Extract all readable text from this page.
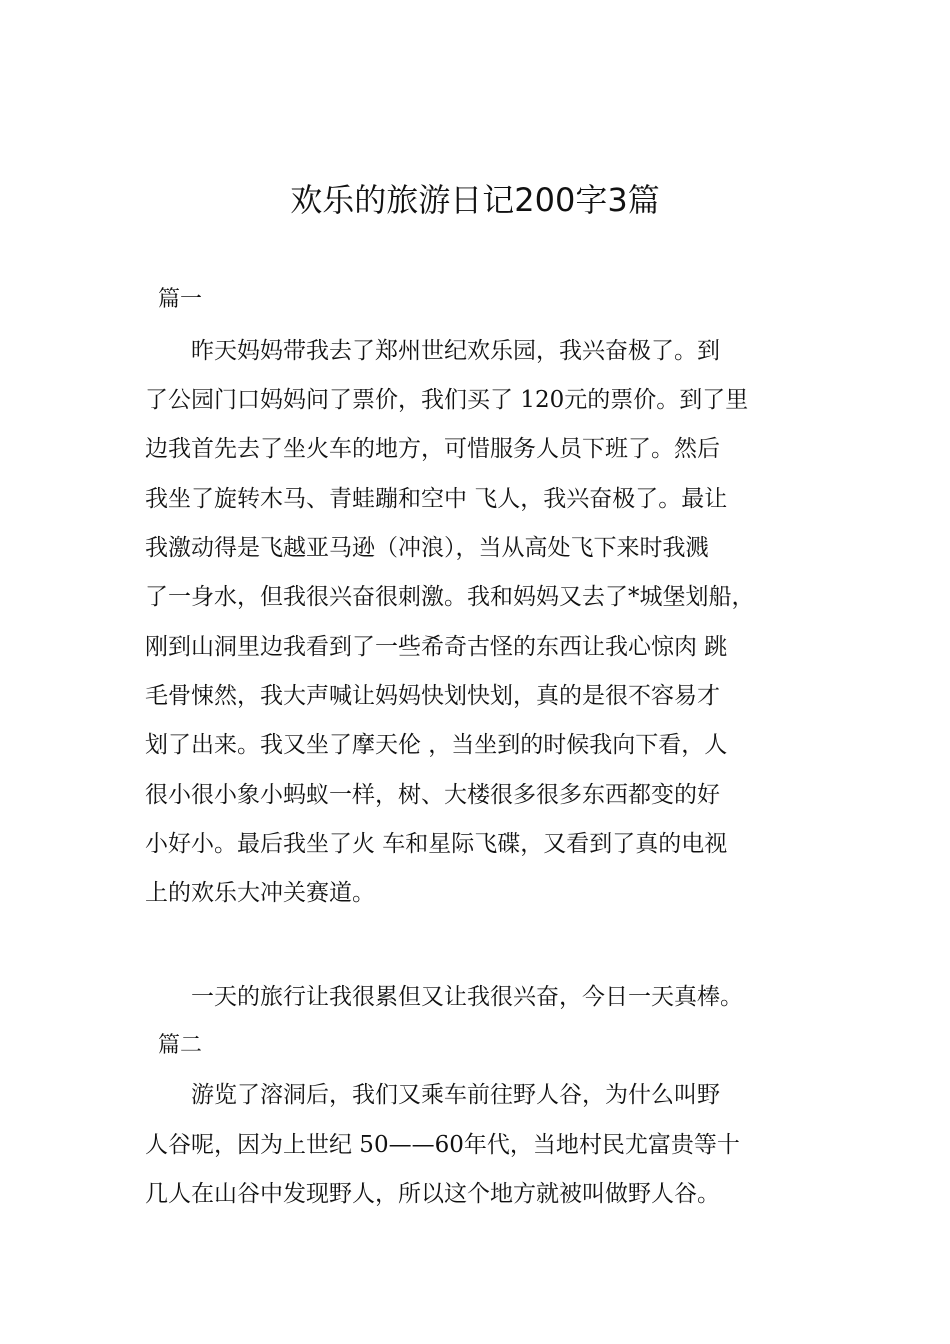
欢乐的旅游日记200字3篇

篇一

　　昨天妈妈带我去了郑州世纪欢乐园，我兴奋极了。到

了公园门口妈妈问了票价，我们买了 120元的票价。到了里

边我首先去了坐火车的地方，可惜服务人员下班了。然后

我坐了旋转木马、青蛙蹦和空中 飞人，我兴奋极了。最让

我激动得是飞越亚马逊（冲浪），当从高处飞下来时我溅

了一身水，但我很兴奋很刺激。我和妈妈又去了*城堡划船，

刚到山洞里边我看到了一些希奇古怪的东西让我心惊肉 跳

毛骨悚然，我大声喊让妈妈快划快划，真的是很不容易才

划了出来。我又坐了摩天伦 ，当坐到的时候我向下看，人

很小很小象小蚂蚁一样，树、大楼很多很多东西都变的好

小好小。最后我坐了火 车和星际飞碟，又看到了真的电视

上的欢乐大冲关赛道。

　　一天的旅行让我很累但又让我很兴奋，今日一天真棒。

篇二

　　游览了溶洞后，我们又乘车前往野人谷，为什么叫野

人谷呢，因为上世纪 50——60年代，当地村民尤富贵等十

几人在山谷中发现野人，所以这个地方就被叫做野人谷。
